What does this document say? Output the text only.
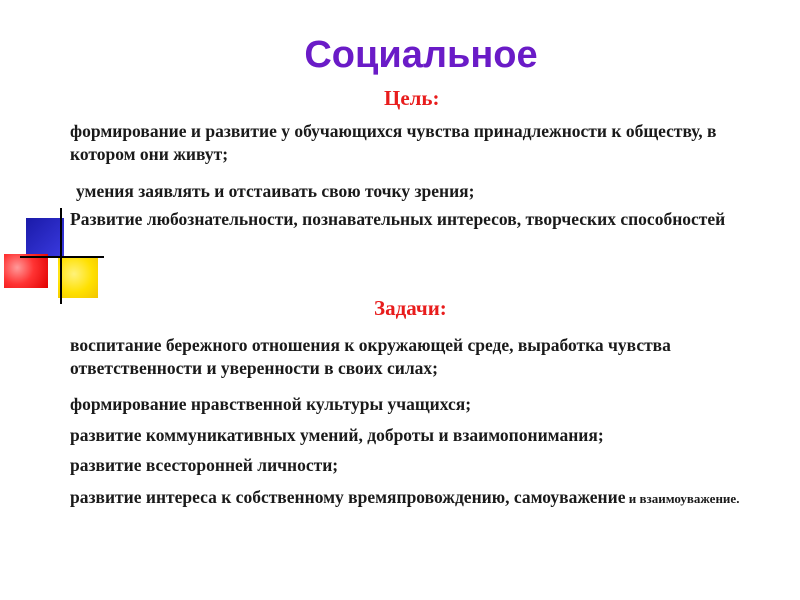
Социальное

Цель:

формирование и развитие у обучающихся чувства принадлежности к обществу, в котором они живут;

умения заявлять и отстаивать свою точку зрения;

Развитие любознательности, познавательных интересов, творческих способностей

Задачи:

воспитание бережного отношения к окружающей среде, выработка чувства ответственности и уверенности в своих силах;

формирование нравственной культуры учащихся;

развитие коммуникативных умений, доброты и взаимопонимания;

развитие всесторонней личности;

развитие интереса к собственному времяпровождению, самоуважение и взаимоуважение.
